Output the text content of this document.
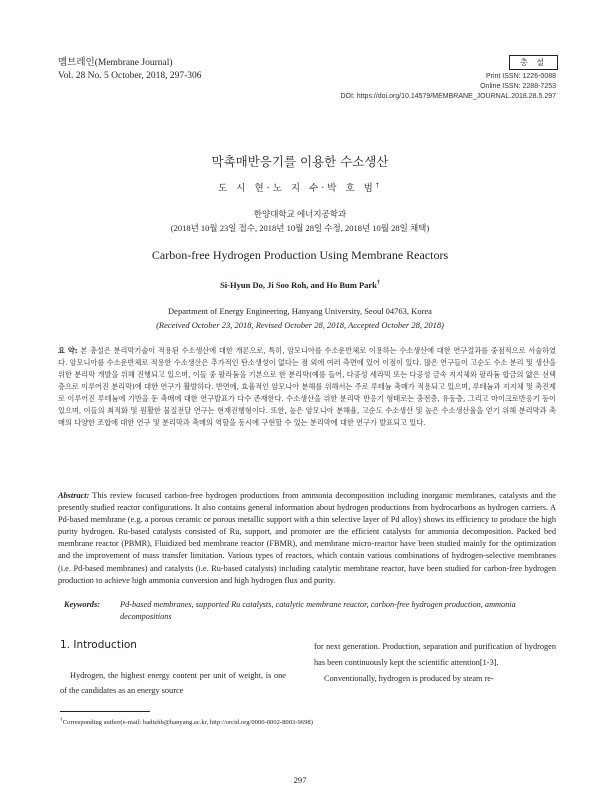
멤브레인(Membrane Journal)
Vol. 28 No. 5 October, 2018, 297-306
총 설
Print ISSN: 1226-0088
Online ISSN: 2288-7253
DOI: https://doi.org/10.14579/MEMBRANE_JOURNAL.2018.28.5.297
막촉매반응기를 이용한 수소생산
도 시 현·노 지 수·박 호 범†
한양대학교 에너지공학과
(2018년 10월 23일 접수, 2018년 10월 28일 수정, 2018년 10월 28일 채택)
Carbon-free Hydrogen Production Using Membrane Reactors
Si-Hyun Do, Ji Soo Roh, and Ho Bum Park†
Department of Energy Engineering, Hanyang University, Seoul 04763, Korea
(Received October 23, 2018, Revised October 28, 2018, Accepted October 28, 2018)
요 약: 본 총설은 분리막기술이 적용된 수소생산에 대한 개론으로, 특히, 암모니아를 수소운반체로 이용하는 수소생산에 대한 연구결과를 중점적으로 서술하였다. 암모니아를 수소운반체로 적용한 수소생산은 추가적인 탄소생성이 없다는 점 외에 여러 측면에 있어 이점이 있다. 많은 연구들이 고순도 수소 분리 및 생산을 위한 분리막 개발을 위해 진행되고 있으며, 이들 중 팔라듐을 기본으로 한 분리막(예를 들어, 다공성 세라믹 또는 다공성 금속 지지체와 팔라듐 합금의 얇은 선택층으로 이루어진 분리막)에 대한 연구가 활발하다. 반면에, 효율적인 암모니아 분해를 위해서는 주로 루테늄 촉매가 적용되고 있으며, 루테늄과 지지체 및 촉진제로 이루어진 루테늄에 기반을 둔 촉매에 대한 연구발표가 다수 존재한다. 수소생산을 위한 분리막 반응기 형태로는 충전층, 유동층, 그리고 마이크로반응기 등이 있으며, 이들의 최적화 및 원활한 물질전달 연구는 현재진행형이다. 또한, 높은 암모니아 분해율, 고순도 수소생산 및 높은 수소생산율을 얻기 위해 분리막과 촉매의 다양한 조합에 대한 연구 및 분리막과 촉매의 역할을 동시에 구현할 수 있는 분리막에 대한 연구가 발표되고 있다.
Abstract: This review focused carbon-free hydrogen productions from ammonia decomposition including inorganic membranes, catalysts and the presently studied reactor configurations. It also contains general information about hydrogen productions from hydrocarbons as hydrogen carriers. A Pd-based membrane (e.g. a porous ceramic or porous metallic support with a thin selective layer of Pd alloy) shows its efficiency to produce the high purity hydrogen. Ru-based catalysts consisted of Ru, support, and promoter are the efficient catalysts for ammonia decomposition. Packed bed membrane reactor (PBMR), Fluidized bed membrane reactor (FBMR), and membrane micro-reactor have been studied mainly for the optimization and the improvement of mass transfer limitation. Various types of reactors, which contain various combinations of hydrogen-selective membranes (i.e. Pd-based membranes) and catalysts (i.e. Ru-based catalysts) including catalytic membrane reactor, have been studied for carbon-free hydrogen production to achieve high ammonia conversion and high hydrogen flux and purity.
Keywords: Pd-based membranes, supported Ru catalysts, catalytic membrane reactor, carbon-free hydrogen production, ammonia decompositions
1. Introduction
Hydrogen, the highest energy content per unit of weight, is one of the candidates as an energy source

for next generation. Production, separation and purification of hydrogen has been continuously kept the scientific attention[1-3].

Conventionally, hydrogen is produced by steam re-

†Corresponding author(e-mail: badtzhb@hanyang.ac.kr, http://orcid.org/0000-0002-8003-9698)
297
